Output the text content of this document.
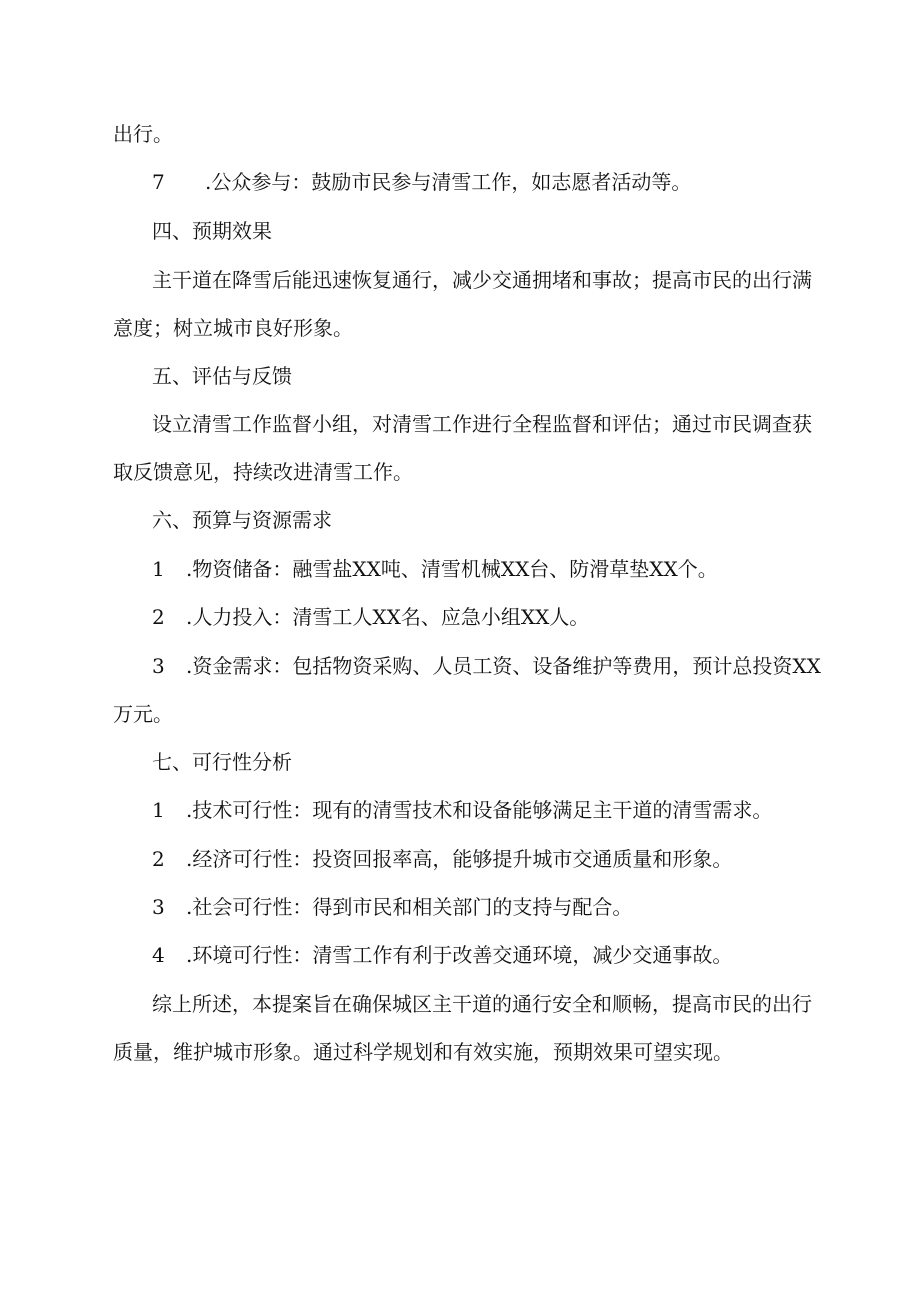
出行。
7 .公众参与：鼓励市民参与清雪工作，如志愿者活动等。
四、预期效果
主干道在降雪后能迅速恢复通行，减少交通拥堵和事故；提高市民的出行满
意度；树立城市良好形象。
五、评估与反馈
设立清雪工作监督小组，对清雪工作进行全程监督和评估；通过市民调查获
取反馈意见，持续改进清雪工作。
六、预算与资源需求
1 .物资储备：融雪盐XX吨、清雪机械XX台、防滑草垫XX个。
2 .人力投入：清雪工人XX名、应急小组XX人。
3 .资金需求：包括物资采购、人员工资、设备维护等费用，预计总投资XX
万元。
七、可行性分析
1 .技术可行性：现有的清雪技术和设备能够满足主干道的清雪需求。
2 .经济可行性：投资回报率高，能够提升城市交通质量和形象。
3 .社会可行性：得到市民和相关部门的支持与配合。
4 .环境可行性：清雪工作有利于改善交通环境，减少交通事故。
综上所述，本提案旨在确保城区主干道的通行安全和顺畅，提高市民的出行
质量，维护城市形象。通过科学规划和有效实施，预期效果可望实现。
